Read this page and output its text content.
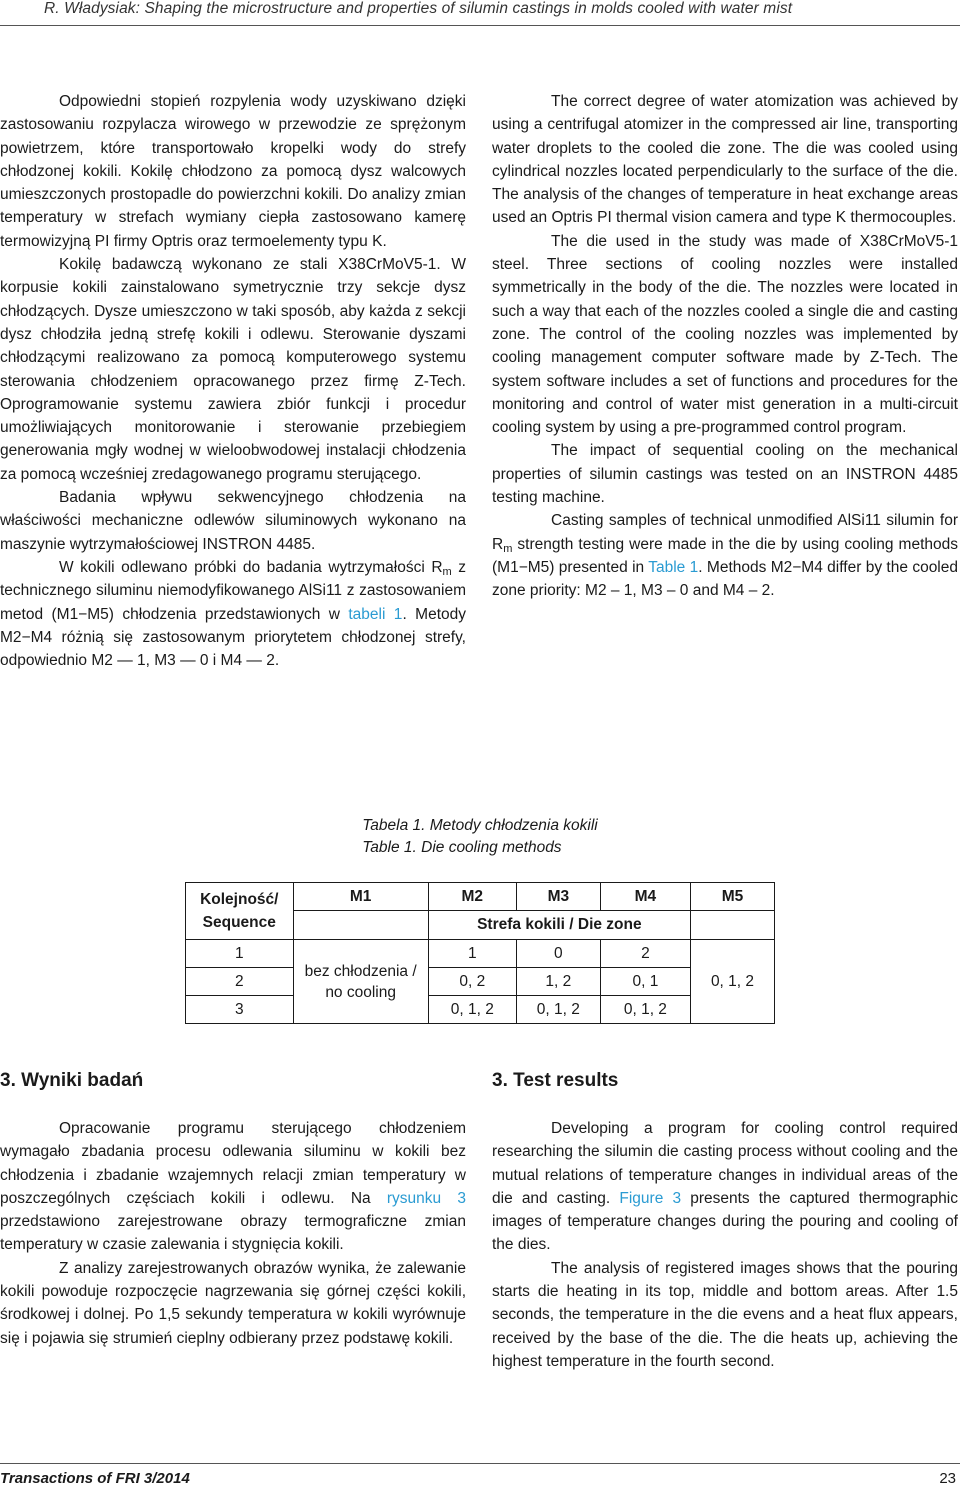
R. Władysiak: Shaping the microstructure and properties of silumin castings in molds cooled with water mist

Odpowiedni stopień rozpylenia wody uzyskiwano dzięki zastosowaniu rozpylacza wirowego w przewodzie ze sprężonym powietrzem, które transportowało kropelki wody do strefy chłodzonej kokili. Kokilę chłodzono za pomocą dysz walcowych umieszczonych prostopadle do powierzchni kokili. Do analizy zmian temperatury w strefach wymiany ciepła zastosowano kamerę termowizyjną PI firmy Optris oraz termoelementy typu K.

Kokilę badawczą wykonano ze stali X38CrMoV5-1. W korpusie kokili zainstalowano symetrycznie trzy sekcje dysz chłodzących. Dysze umieszczono w taki sposób, aby każda z sekcji dysz chłodziła jedną strefę kokili i odlewu. Sterowanie dyszami chłodzącymi realizowano za pomocą komputerowego systemu sterowania chłodzeniem opracowanego przez firmę Z-Tech. Oprogramowanie systemu zawiera zbiór funkcji i procedur umożliwiających monitorowanie i sterowanie przebiegiem generowania mgły wodnej w wieloobwodowej instalacji chłodzenia za pomocą wcześniej zredagowanego programu sterującego.

Badania wpływu sekwencyjnego chłodzenia na właściwości mechaniczne odlewów siluminowych wykonano na maszynie wytrzymałościowej INSTRON 4485.

W kokili odlewano próbki do badania wytrzymałości $R_m$ z technicznego siluminu niemodyfikowanego AlSi11 z zastosowaniem metod (M1−M5) chłodzenia przedstawionych w tabeli 1. Metody M2−M4 różnią się zastosowanym priorytetem chłodzonej strefy, odpowiednio M2 — 1, M3 — 0 i M4 — 2.

The correct degree of water atomization was achieved by using a centrifugal atomizer in the compressed air line, transporting water droplets to the cooled die zone. The die was cooled using cylindrical nozzles located perpendicularly to the surface of the die. The analysis of the changes of temperature in heat exchange areas used an Optris PI thermal vision camera and type K thermocouples.

The die used in the study was made of X38CrMoV5-1 steel. Three sections of cooling nozzles were installed symmetrically in the body of the die. The nozzles were located in such a way that each of the nozzles cooled a single die and casting zone. The control of the cooling nozzles was implemented by cooling management computer software made by Z-Tech. The system software includes a set of functions and procedures for the monitoring and control of water mist generation in a multi-circuit cooling system by using a pre-programmed control program.

The impact of sequential cooling on the mechanical properties of silumin castings was tested on an INSTRON 4485 testing machine.

Casting samples of technical unmodified AlSi11 silumin for $R_m$ strength testing were made in the die by using cooling methods (M1−M5) presented in Table 1. Methods M2−M4 differ by the cooled zone priority: M2 – 1, M3 – 0 and M4 – 2.

Tabela 1. Metody chłodzenia kokili
Table 1. Die cooling methods
Kolejność/
Sequence	M1	M2	M3	M4	M5
		Strefa kokili / Die zone			
1	bez chłodzenia /
no cooling	1	0	2	0, 1, 2
2		0, 2	1, 2	0, 1	
3		0, 1, 2	0, 1, 2	0, 1, 2	
3. Wyniki badań	3. Test results

Opracowanie programu sterującego chłodzeniem wymagało zbadania procesu odlewania siluminu w kokili bez chłodzenia i zbadanie wzajemnych relacji zmian temperatury w poszczególnych częściach kokili i odlewu. Na rysunku 3 przedstawiono zarejestrowane obrazy termograficzne zmian temperatury w czasie zalewania i stygnięcia kokili.

Z analizy zarejestrowanych obrazów wynika, że zalewanie kokili powoduje rozpoczęcie nagrzewania się górnej części kokili, środkowej i dolnej. Po 1,5 sekundy temperatura w kokili wyrównuje się i pojawia się strumień cieplny odbierany przez podstawę kokili.

Developing a program for cooling control required researching the silumin die casting process without cooling and the mutual relations of temperature changes in individual areas of the die and casting. Figure 3 presents the captured thermographic images of temperature changes during the pouring and cooling of the dies.

The analysis of registered images shows that the pouring starts die heating in its top, middle and bottom areas. After 1.5 seconds, the temperature in the die evens and a heat flux appears, received by the base of the die. The die heats up, achieving the highest temperature in the fourth second.

Transactions of FRI 3/2014	23
